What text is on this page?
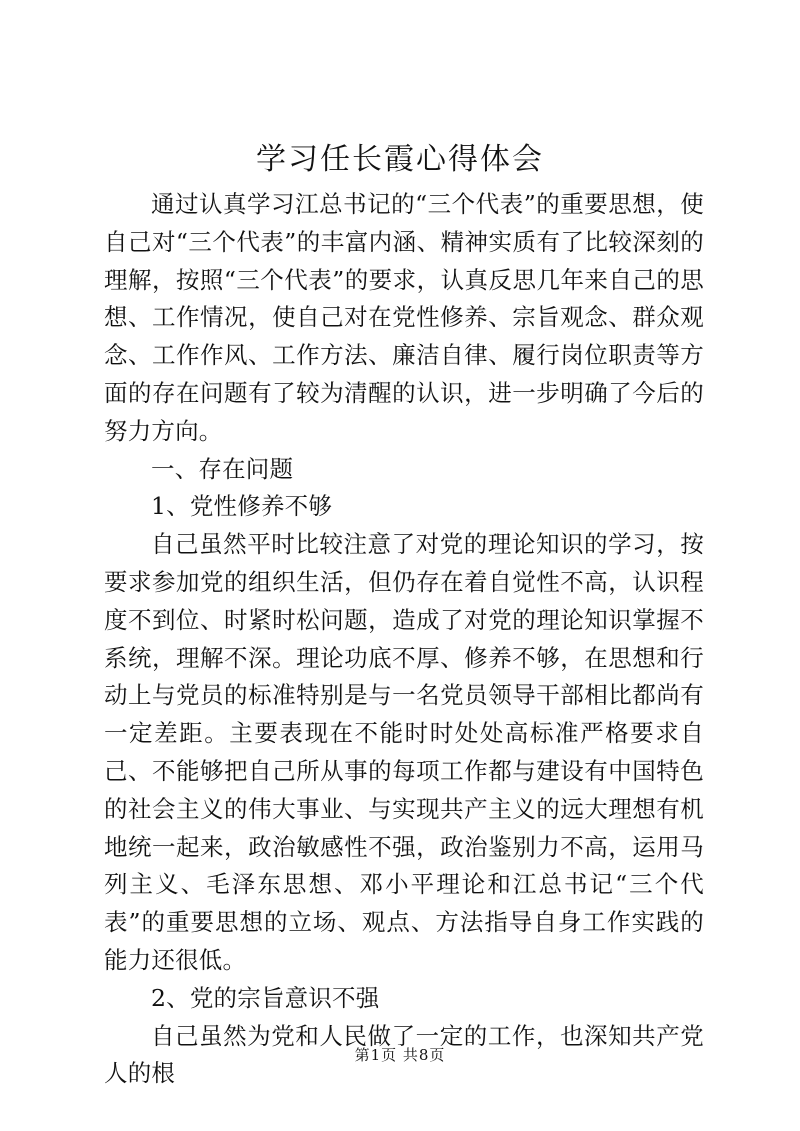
学习任长霞心得体会

通过认真学习江总书记的“三个代表”的重要思想，使自己对“三个代表”的丰富内涵、精神实质有了比较深刻的理解，按照“三个代表”的要求，认真反思几年来自己的思想、工作情况，使自己对在党性修养、宗旨观念、群众观念、工作作风、工作方法、廉洁自律、履行岗位职责等方面的存在问题有了较为清醒的认识，进一步明确了今后的努力方向。

一、存在问题

1、党性修养不够

自己虽然平时比较注意了对党的理论知识的学习，按要求参加党的组织生活，但仍存在着自觉性不高，认识程度不到位、时紧时松问题，造成了对党的理论知识掌握不系统，理解不深。理论功底不厚、修养不够，在思想和行动上与党员的标准特别是与一名党员领导干部相比都尚有一定差距。主要表现在不能时时处处高标准严格要求自己、不能够把自己所从事的每项工作都与建设有中国特色的社会主义的伟大事业、与实现共产主义的远大理想有机地统一起来，政治敏感性不强，政治鉴别力不高，运用马列主义、毛泽东思想、邓小平理论和江总书记“三个代表”的重要思想的立场、观点、方法指导自身工作实践的能力还很低。

2、党的宗旨意识不强

自己虽然为党和人民做了一定的工作，也深知共产党人的根

第1页 共8页
